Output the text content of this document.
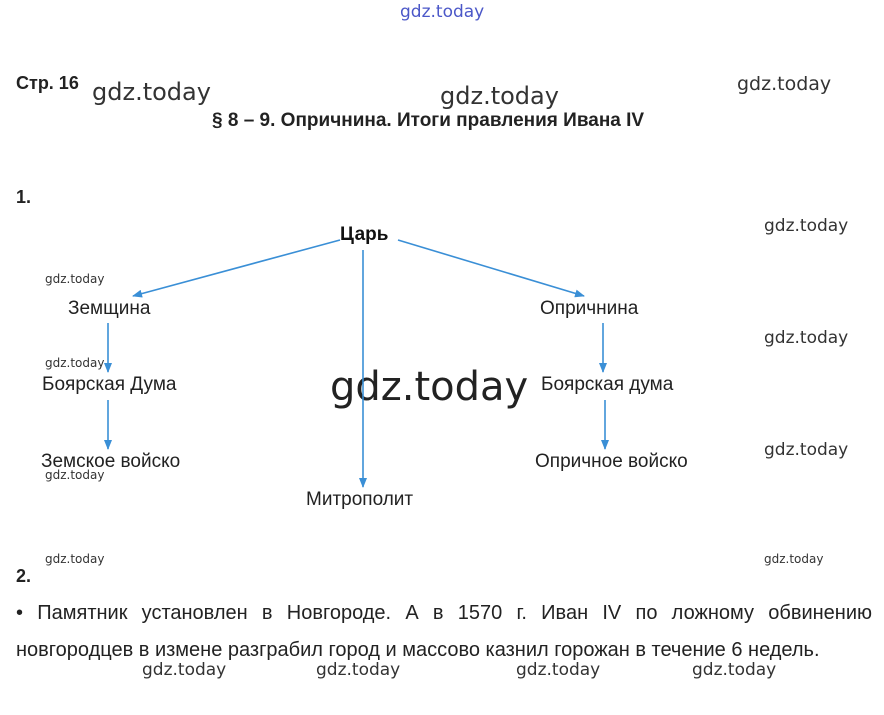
gdz.today
gdz.today	gdz.today	gdz.today
gdz.today
gdz.today
gdz.today
gdz.today
gdz.today
gdz.today
gdz.today
gdz.today
gdz.today
gdz.today	gdz.today	gdz.today	gdz.today
Стр. 16
§ 8 – 9. Опричнина. Итоги правления Ивана IV
1.
Царь
Земщина
Боярская Дума
Земское войско
Митрополит
Опричнина
Боярская дума
Опричное войско
2.
• Памятник установлен в Новгороде. А в 1570 г. Иван IV по ложному обвинению новгородцев в измене разграбил город и массово казнил горожан в течение 6 недель.
